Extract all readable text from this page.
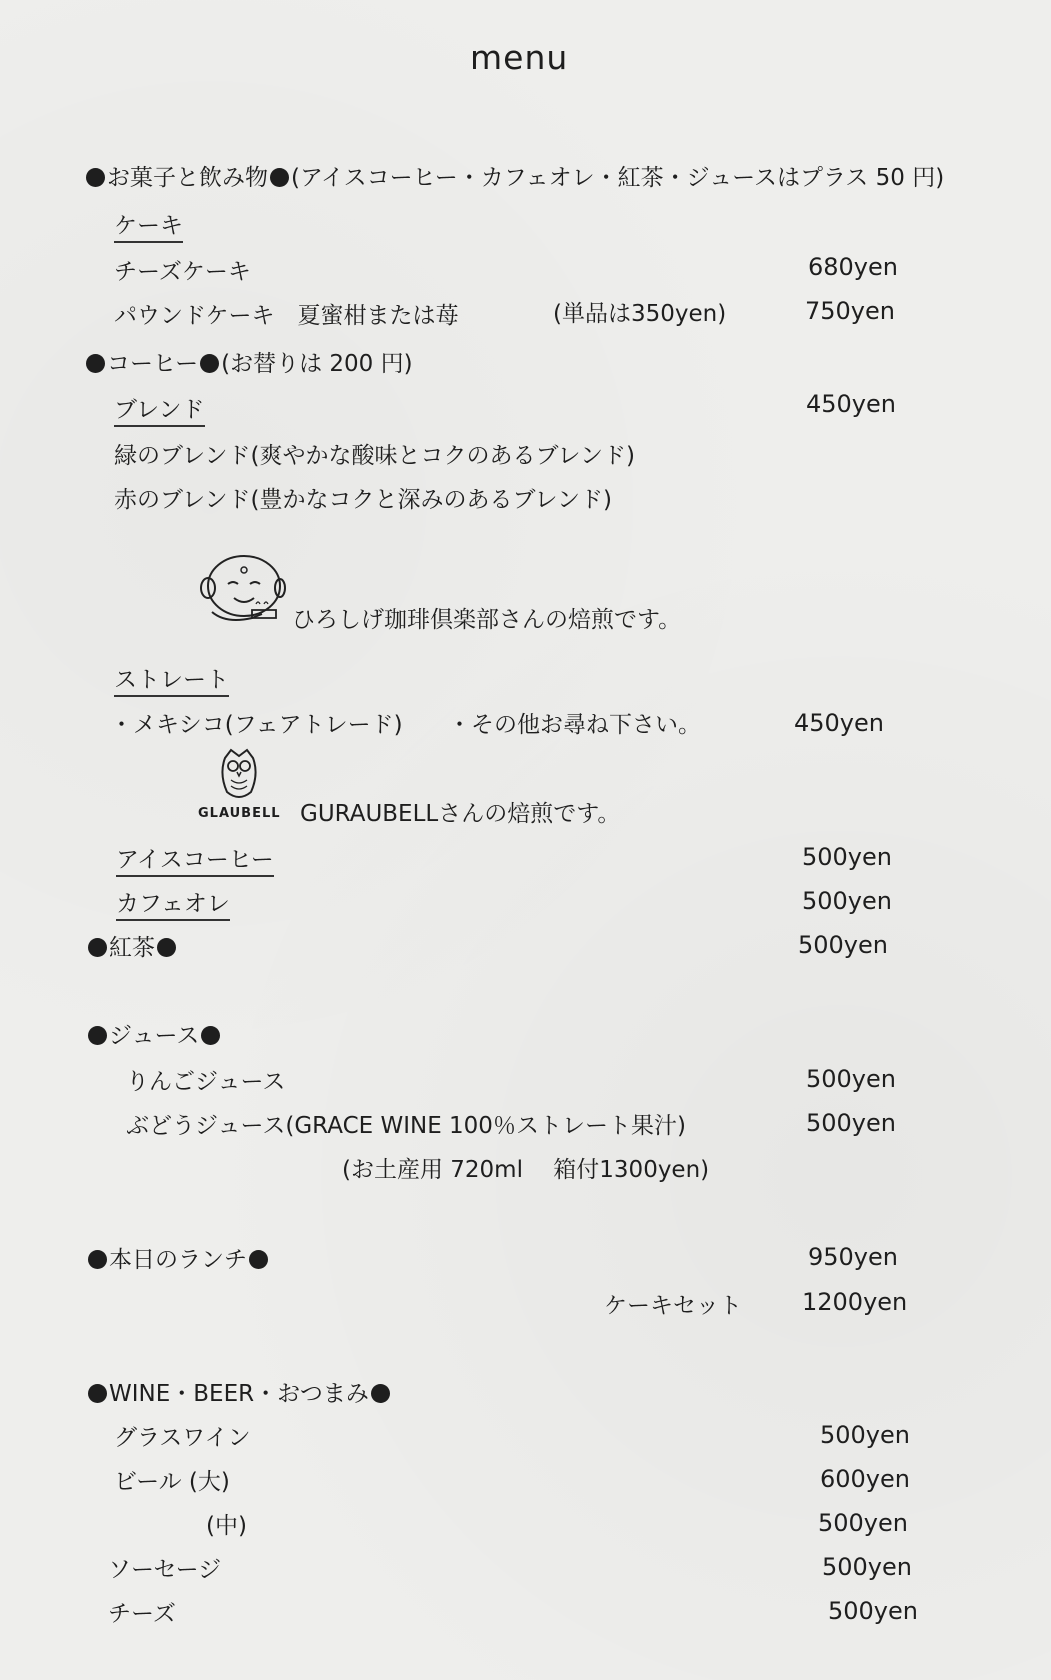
menu
お菓子と飲み物 (アイスコーヒー・カフェオレ・紅茶・ジュースはプラス 50 円)
ケーキ
チーズケーキ	680yen
パウンドケーキ　夏蜜柑または苺	(単品は350yen)	750yen
コーヒー (お替りは 200 円)
ブレンド	450yen
緑のブレンド(爽やかな酸味とコクのあるブレンド)
赤のブレンド(豊かなコクと深みのあるブレンド)
ひろしげ珈琲倶楽部さんの焙煎です。
ストレート
・メキシコ(フェアトレード) ・その他お尋ね下さい。	450yen
GLAUBELL GURAUBELLさんの焙煎です。
アイスコーヒー	500yen
カフェオレ	500yen
紅茶	500yen
ジュース
りんごジュース	500yen
ぶどうジュース(GRACE WINE 100％ストレート果汁)	500yen
(お土産用 720ml　 箱付1300yen)
本日のランチ	950yen
ケーキセット	1200yen
WINE・BEER・おつまみ
グラスワイン	500yen
ビール (大)	600yen
(中)	500yen
ソーセージ	500yen
チーズ	500yen
